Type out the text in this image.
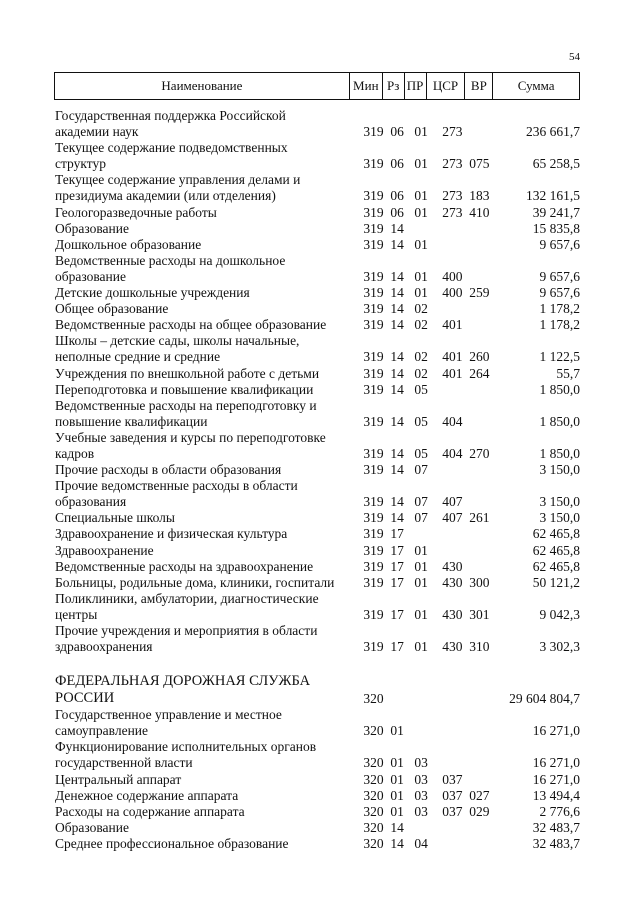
54
Наименование	Мин Рз ПР ЦСР ВР	Сумма
Государственная поддержка Российской
академии наук	319 06 01	273	236 661,7
Текущее содержание подведомственных
структур	319 06 01	273 075	65 258,5
Текущее содержание управления делами и
президиума академии (или отделения)	319 06 01	273 183	132 161,5
Геологоразведочные работы	319 06 01	273 410	39 241,7
Образование	319 14	15 835,8
Дошкольное образование	319 14 01	9 657,6
Ведомственные расходы на дошкольное
образование	319 14 01	400	9 657,6
Детские дошкольные учреждения	319 14 01	400 259	9 657,6
Общее образование	319 14 02	1 178,2
Ведомственные расходы на общее образование	319 14 02	401	1 178,2
Школы – детские сады, школы начальные,
неполные средние и средние	319 14 02	401 260	1 122,5
Учреждения по внешкольной работе с детьми	319 14 02	401 264	55,7
Переподготовка и повышение квалификации	319 14 05	1 850,0
Ведомственные расходы на переподготовку и
повышение квалификации	319 14 05	404	1 850,0
Учебные заведения и курсы по переподготовке
кадров	319 14 05	404 270	1 850,0
Прочие расходы в области образования	319 14 07	3 150,0
Прочие ведомственные расходы в области
образования	319 14 07	407	3 150,0
Специальные школы	319 14 07	407 261	3 150,0
Здравоохранение и физическая культура	319 17	62 465,8
Здравоохранение	319 17 01	62 465,8
Ведомственные расходы на здравоохранение	319 17 01	430	62 465,8
Больницы, родильные дома, клиники, госпитали	319 17 01	430 300	50 121,2
Поликлиники, амбулатории, диагностические
центры	319 17 01	430 301	9 042,3
Прочие учреждения и мероприятия в области
здравоохранения	319 17 01	430 310	3 302,3
ФЕДЕРАЛЬНАЯ ДОРОЖНАЯ СЛУЖБА
РОССИИ	320	29 604 804,7
Государственное управление и местное
самоуправление	320 01	16 271,0
Функционирование исполнительных органов
государственной власти	320 01 03	16 271,0
Центральный аппарат	320 01 03	037	16 271,0
Денежное содержание аппарата	320 01 03	037 027	13 494,4
Расходы на содержание аппарата	320 01 03	037 029	2 776,6
Образование	320 14	32 483,7
Среднее профессиональное образование	320 14 04	32 483,7
